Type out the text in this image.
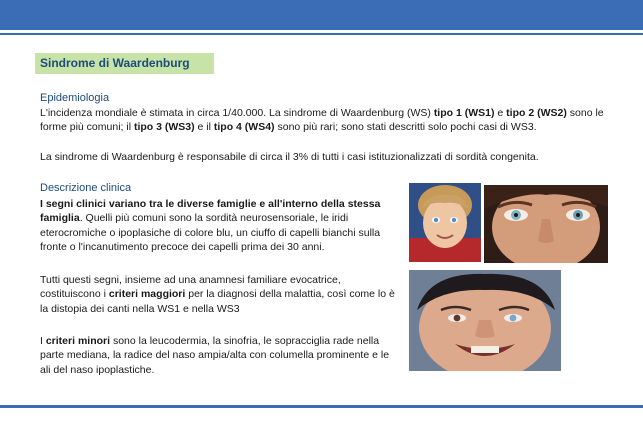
Sindrome di Waardenburg
Epidemiologia
L'incidenza mondiale è stimata in circa 1/40.000. La sindrome di Waardenburg (WS) tipo 1 (WS1) e tipo 2 (WS2) sono le forme più comuni; il tipo 3 (WS3) e il tipo 4 (WS4) sono più rari; sono stati descritti solo pochi casi di WS3.
La sindrome di Waardenburg è responsabile di circa il 3% di tutti i casi istituzionalizzati di sordità congenita.
Descrizione clinica
I segni clinici variano tra le diverse famiglie e all'interno della stessa famiglia. Quelli più comuni sono la sordità neurosensoriale, le iridi eterocromiche o ipoplasiche di colore blu, un ciuffo di capelli bianchi sulla fronte o l'incanutimento precoce dei capelli prima dei 30 anni.
Tutti questi segni, insieme ad una anamnesi familiare evocatrice, costituiscono i criteri maggiori per la diagnosi della malattia, così come lo è la distopia dei canti nella WS1 e nella WS3
I criteri minori sono la leucodermia, la sinofria, le sopracciglia rade nella parte mediana, la radice del naso ampia/alta con columella prominente e le ali del naso ipoplastiche.
